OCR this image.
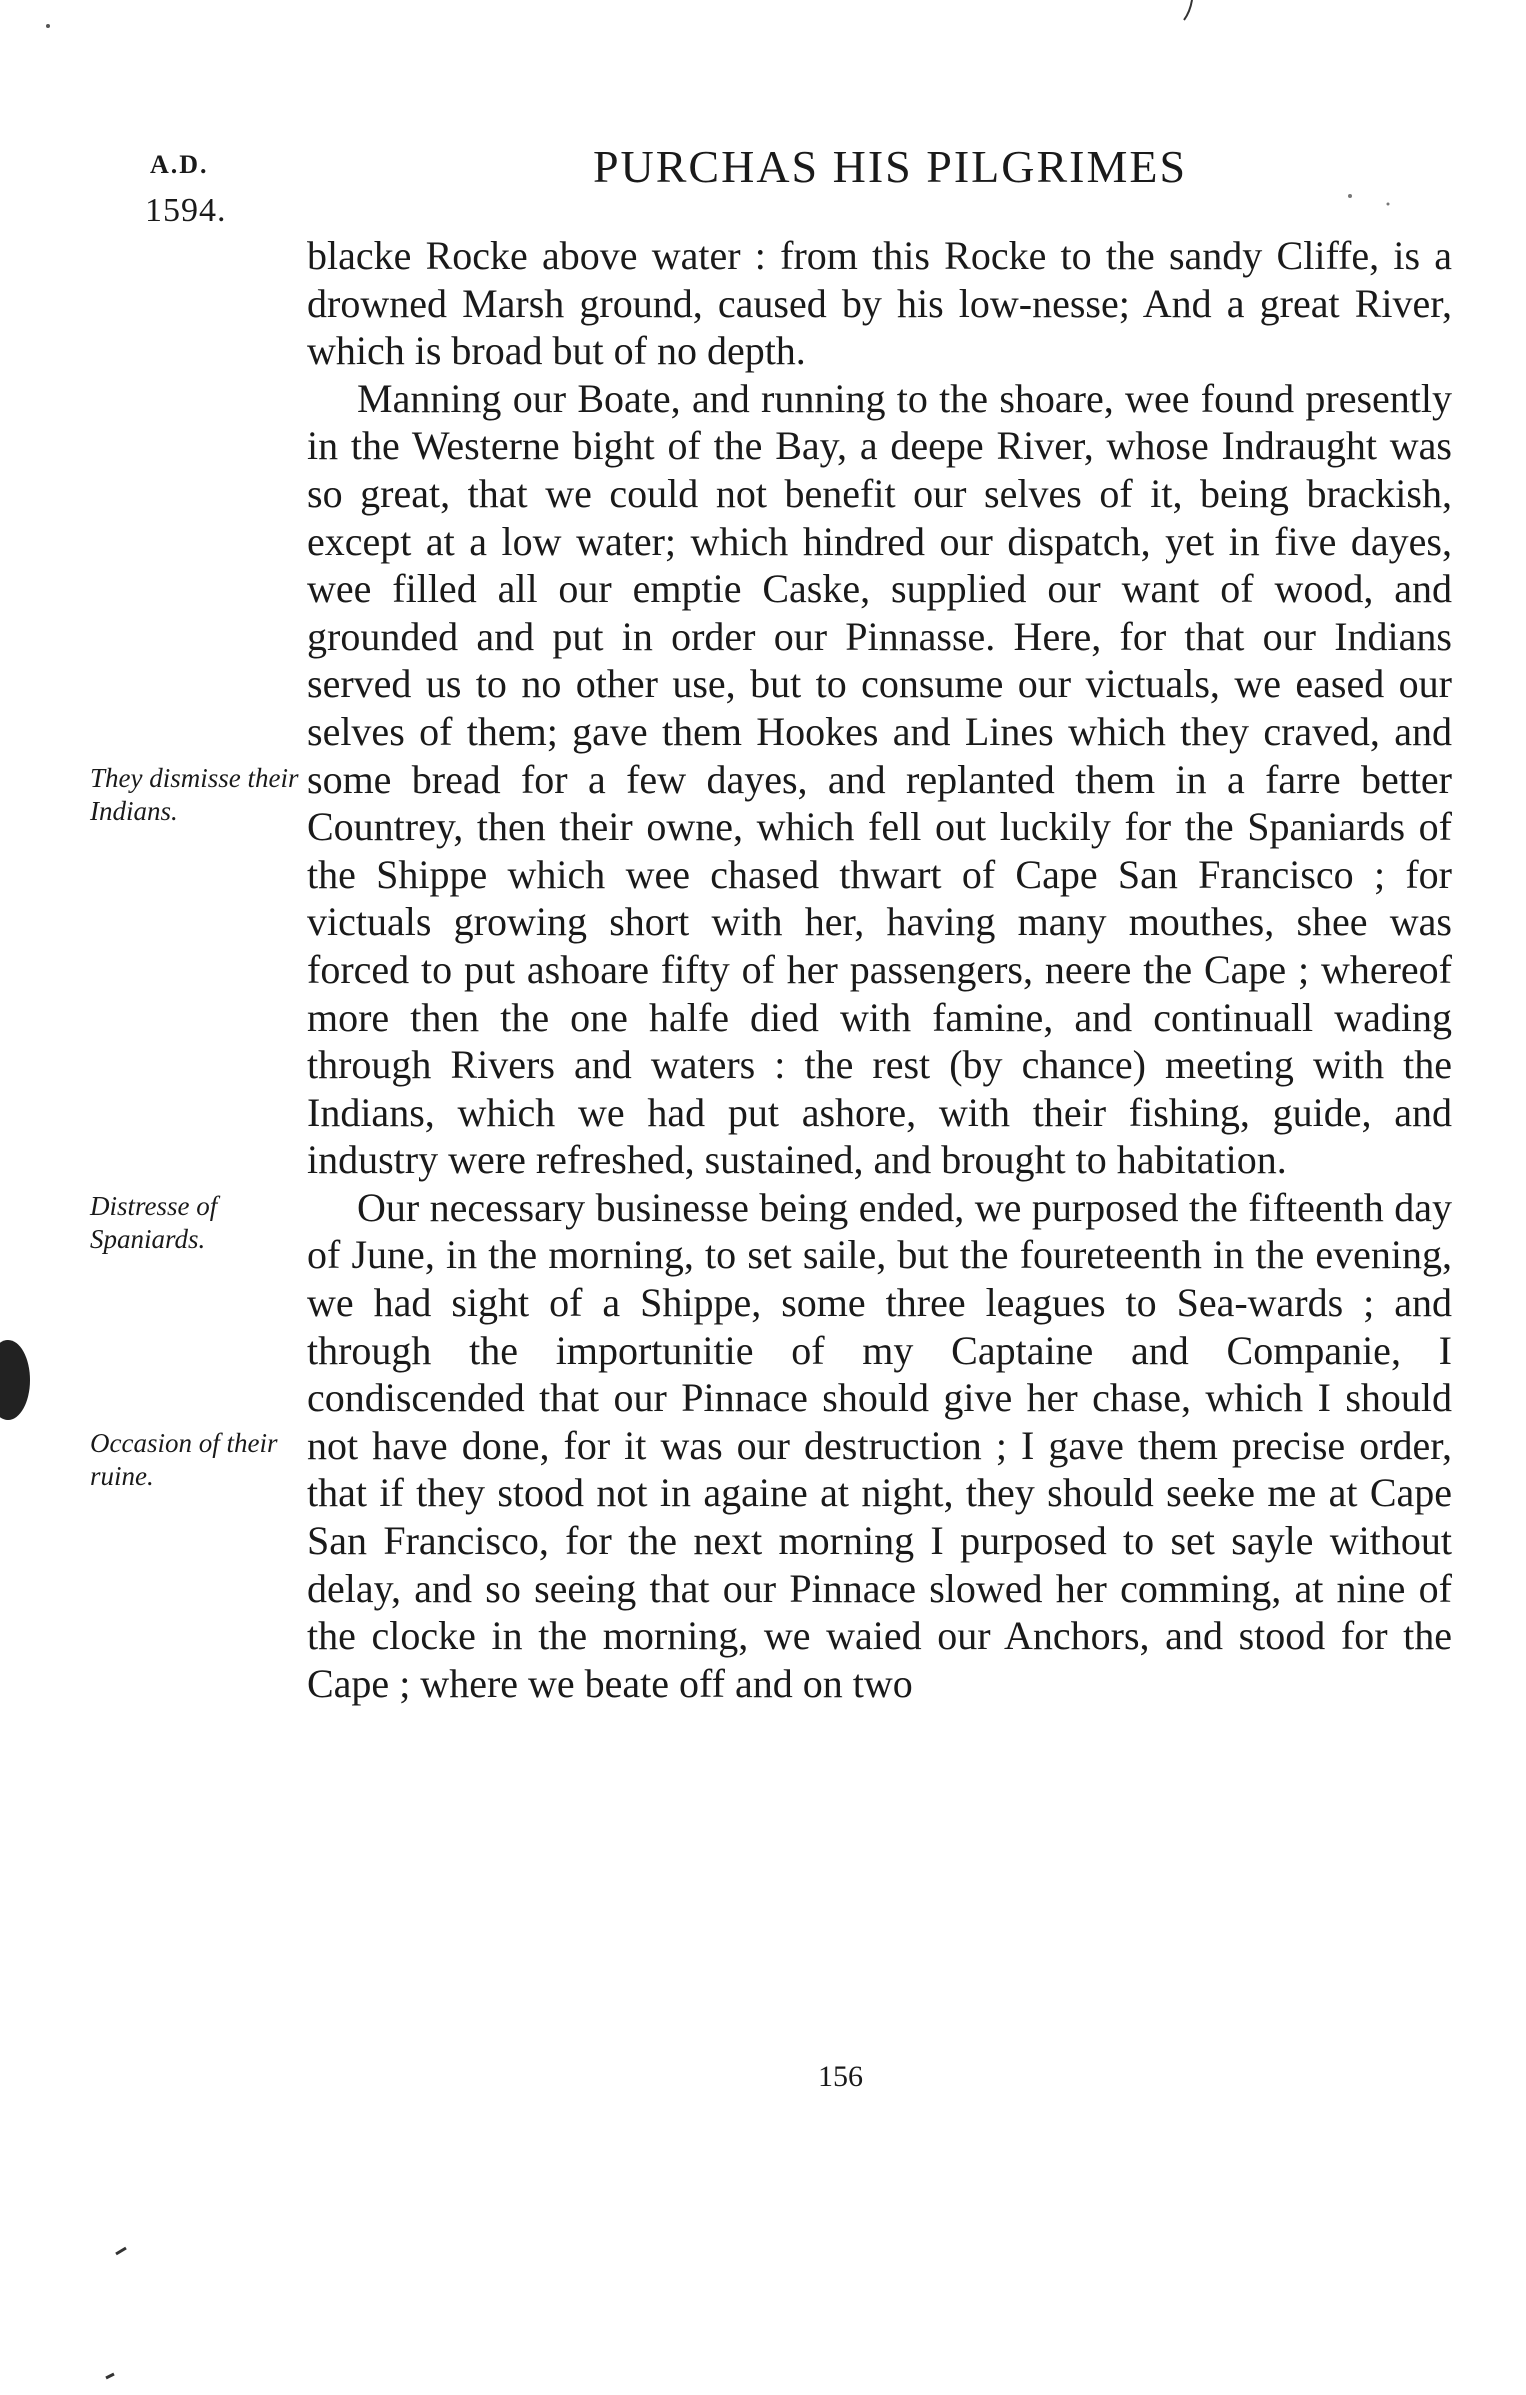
A.D.
1594.
PURCHAS HIS PILGRIMES
They dismisse their Indians.
Distresse of Spaniards.
Occasion of their ruine.

blacke Rocke above water : from this Rocke to the sandy Cliffe, is a drowned Marsh ground, caused by his low-nesse; And a great River, which is broad but of no depth.

Manning our Boate, and running to the shoare, wee found presently in the Westerne bight of the Bay, a deepe River, whose Indraught was so great, that we could not benefit our selves of it, being brackish, except at a low water; which hindred our dispatch, yet in five dayes, wee filled all our emptie Caske, supplied our want of wood, and grounded and put in order our Pinnasse. Here, for that our Indians served us to no other use, but to consume our victuals, we eased our selves of them; gave them Hookes and Lines which they craved, and some bread for a few dayes, and replanted them in a farre better Countrey, then their owne, which fell out luckily for the Spaniards of the Shippe which wee chased thwart of Cape San Francisco ; for victuals growing short with her, having many mouthes, shee was forced to put ashoare fifty of her passengers, neere the Cape ; whereof more then the one halfe died with famine, and continuall wading through Rivers and waters : the rest (by chance) meeting with the Indians, which we had put ashore, with their fishing, guide, and industry were refreshed, sustained, and brought to habitation.

Our necessary businesse being ended, we purposed the fifteenth day of June, in the morning, to set saile, but the foureteenth in the evening, we had sight of a Shippe, some three leagues to Sea-wards ; and through the importunitie of my Captaine and Companie, I condiscended that our Pinnace should give her chase, which I should not have done, for it was our destruction ; I gave them precise order, that if they stood not in againe at night, they should seeke me at Cape San Francisco, for the next morning I purposed to set sayle without delay, and so seeing that our Pinnace slowed her comming, at nine of the clocke in the morning, we waied our Anchors, and stood for the Cape ; where we beate off and on two

156
